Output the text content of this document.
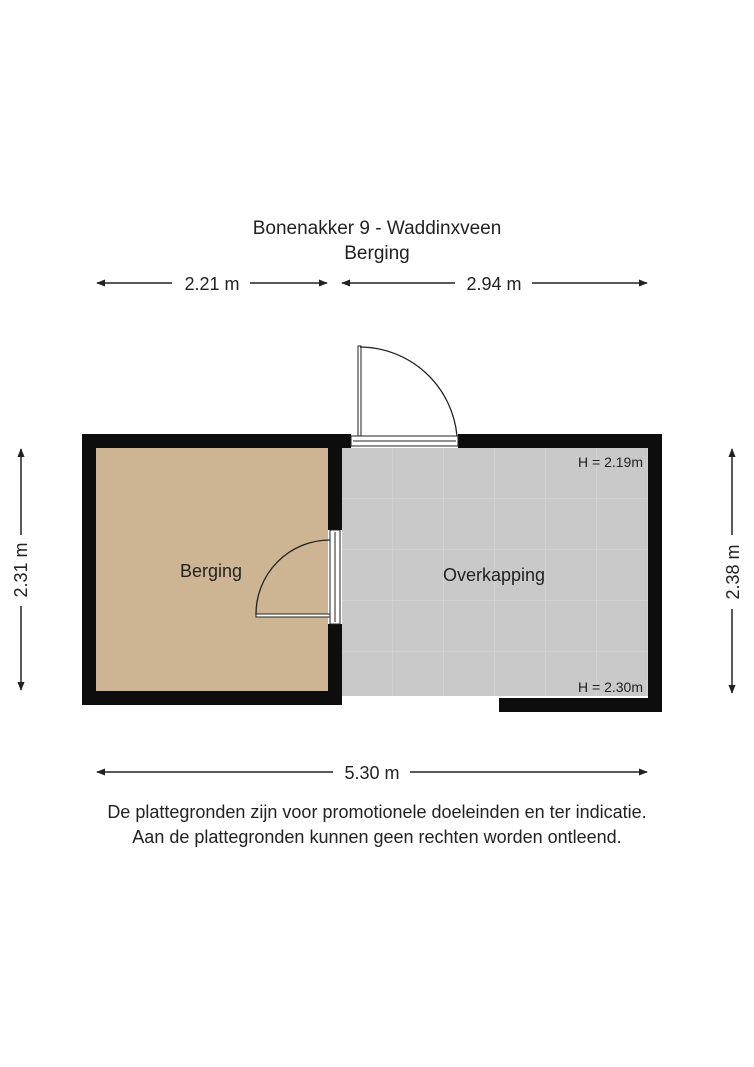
Bonenakker 9 - Waddinxveen
Berging
2.21 m	2.94 m
2.31 m	2.38 m
Berging	Overkapping
H = 2.19m
H = 2.30m
5.30 m
De plattegronden zijn voor promotionele doeleinden en ter indicatie.
Aan de plattegronden kunnen geen rechten worden ontleend.
